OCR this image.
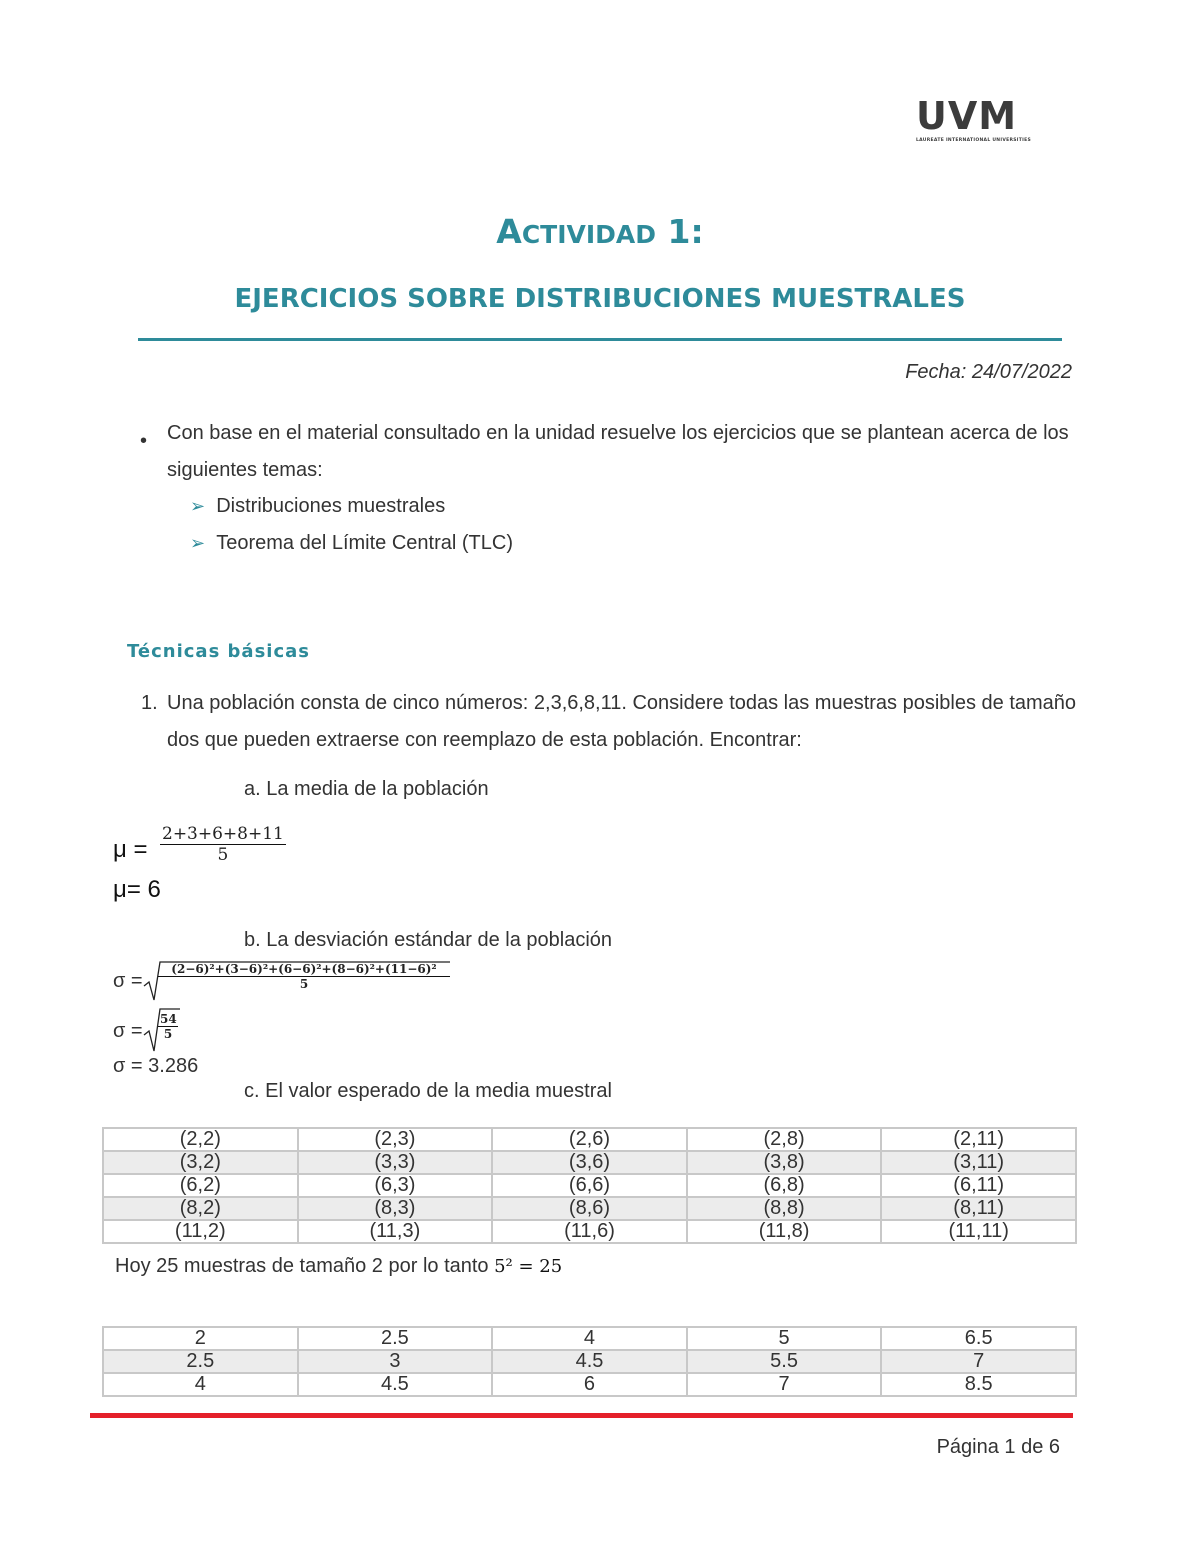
UVM
LAUREATE INTERNATIONAL UNIVERSITIES
ACTIVIDAD 1:
EJERCICIOS SOBRE DISTRIBUCIONES MUESTRALES
Fecha: 24/07/2022
• Con base en el material consultado en la unidad resuelve los ejercicios que se plantean acerca de los siguientes temas:
➢ Distribuciones muestrales
➢ Teorema del Límite Central (TLC)
Técnicas básicas
1. Una población consta de cinco números: 2,3,6,8,11. Considere todas las muestras posibles de tamaño dos que pueden extraerse con reemplazo de esta población. Encontrar:
a. La media de la población
$\mu = \frac{2+3+6+8+11}{5}$
μ= 6
b. La desviación estándar de la población
$\sigma = \frac{\text{(2−6)²+(3−6)²+(6−6)²+(8−6)²+(11−6)²}}{5}$
$\sigma = \frac{54}{5}$
σ = 3.286
c. El valor esperado de la media muestral
(2,2)	(2,3)	(2,6)	(2,8)	(2,11)
(3,2)	(3,3)	(3,6)	(3,8)	(3,11)
(6,2)	(6,3)	(6,6)	(6,8)	(6,11)
(8,2)	(8,3)	(8,6)	(8,8)	(8,11)
(11,2)	(11,3)	(11,6)	(11,8)	(11,11)
Hoy 25 muestras de tamaño 2 por lo tanto 5² = 25
2	2.5	4	5	6.5
2.5	3	4.5	5.5	7
4	4.5	6	7	8.5
Página 1 de 6
